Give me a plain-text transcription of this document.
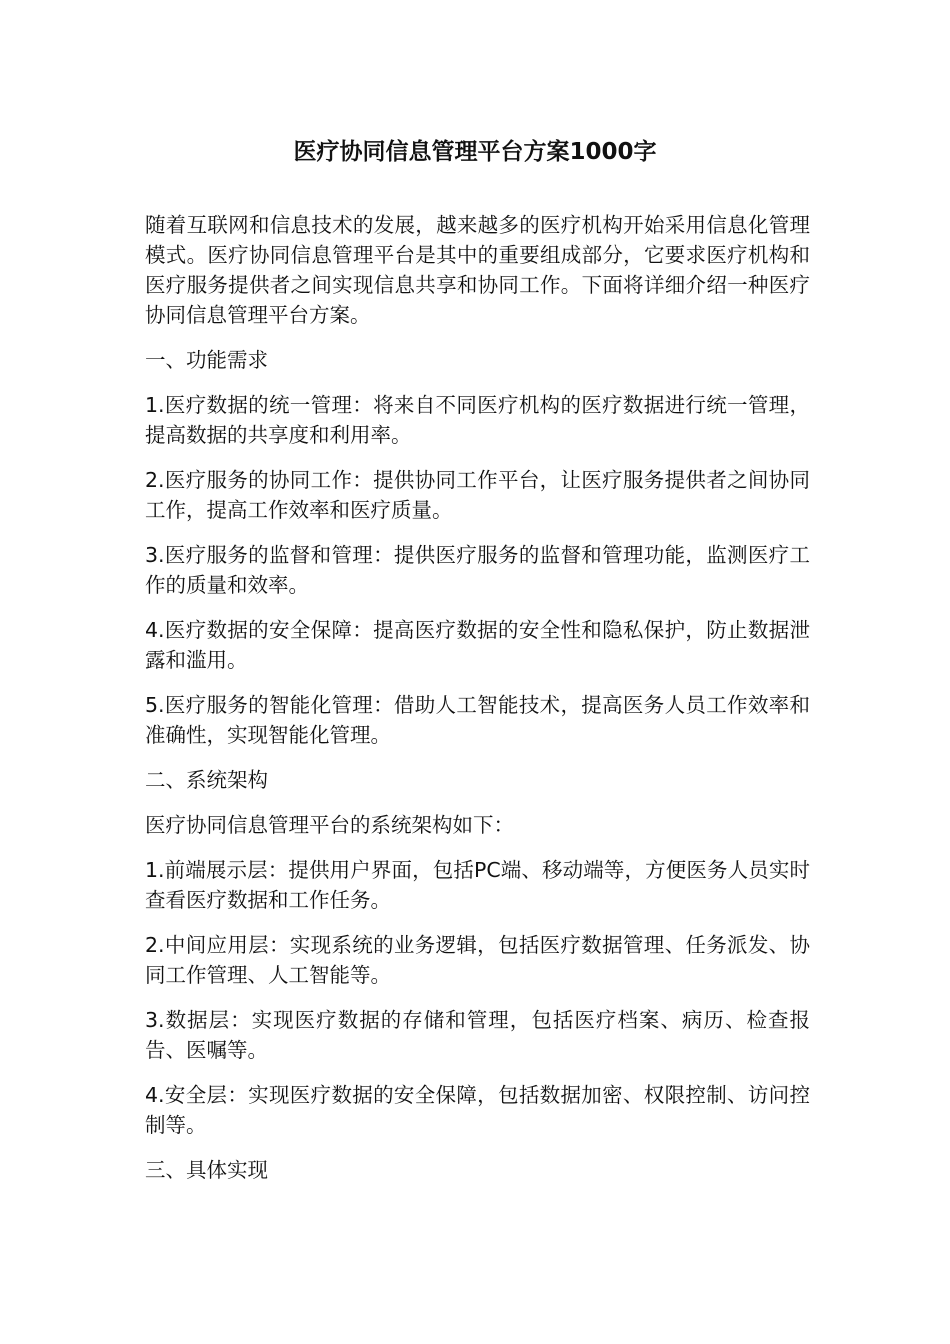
医疗协同信息管理平台方案1000字

随着互联网和信息技术的发展，越来越多的医疗机构开始采用信息化管理模式。医疗协同信息管理平台是其中的重要组成部分，它要求医疗机构和医疗服务提供者之间实现信息共享和协同工作。下面将详细介绍一种医疗协同信息管理平台方案。

一、功能需求

1.医疗数据的统一管理：将来自不同医疗机构的医疗数据进行统一管理，提高数据的共享度和利用率。

2.医疗服务的协同工作：提供协同工作平台，让医疗服务提供者之间协同工作，提高工作效率和医疗质量。

3.医疗服务的监督和管理：提供医疗服务的监督和管理功能，监测医疗工作的质量和效率。

4.医疗数据的安全保障：提高医疗数据的安全性和隐私保护，防止数据泄露和滥用。

5.医疗服务的智能化管理：借助人工智能技术，提高医务人员工作效率和准确性，实现智能化管理。

二、系统架构

医疗协同信息管理平台的系统架构如下：

1.前端展示层：提供用户界面，包括PC端、移动端等，方便医务人员实时查看医疗数据和工作任务。

2.中间应用层：实现系统的业务逻辑，包括医疗数据管理、任务派发、协同工作管理、人工智能等。

3.数据层：实现医疗数据的存储和管理，包括医疗档案、病历、检查报告、医嘱等。

4.安全层：实现医疗数据的安全保障，包括数据加密、权限控制、访问控制等。

三、具体实现
